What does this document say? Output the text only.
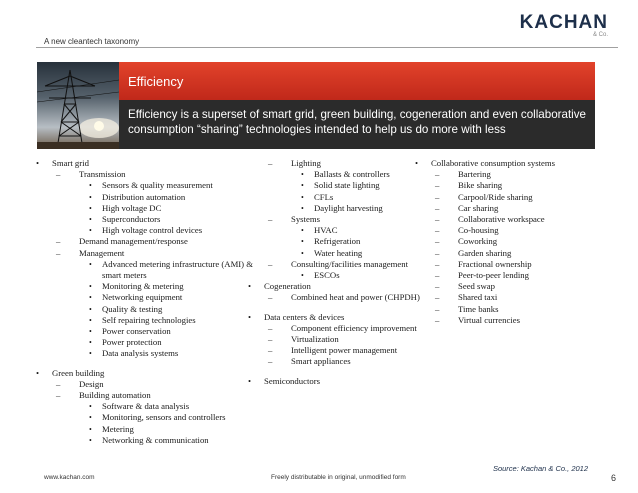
A new cleantech taxonomy
KACHAN
& Co.
Efficiency
Efficiency is a superset of smart grid, green building, cogeneration and even collaborative consumption “sharing” technologies intended to help us do more with less
• Smart grid
– Transmission
• Sensors & quality measurement
• Distribution automation
• High voltage DC
• Superconductors
• High voltage control devices
– Demand management/response
– Management
• Advanced metering infrastructure (AMI) & smart meters
• Monitoring & metering
• Networking equipment
• Quality & testing
• Self repairing technologies
• Power conservation
• Power protection
• Data analysis systems
• Green building
– Design
– Building automation
• Software & data analysis
• Monitoring, sensors and controllers
• Metering
• Networking & communication
– Lighting
• Ballasts & controllers
• Solid state lighting
• CFLs
• Daylight harvesting
– Systems
• HVAC
• Refrigeration
• Water heating
– Consulting/facilities management
• ESCOs
• Cogeneration
– Combined heat and power (CHPDH)
• Data centers & devices
– Component efficiency improvement
– Virtualization
– Intelligent power management
– Smart appliances
• Semiconductors
• Collaborative consumption systems
– Bartering
– Bike sharing
– Carpool/Ride sharing
– Car sharing
– Collaborative workspace
– Co-housing
– Coworking
– Garden sharing
– Fractional ownership
– Peer-to-peer lending
– Seed swap
– Shared taxi
– Time banks
– Virtual currencies
www.kachan.com	Freely distributable in original, unmodified form
Source: Kachan & Co., 2012
6
